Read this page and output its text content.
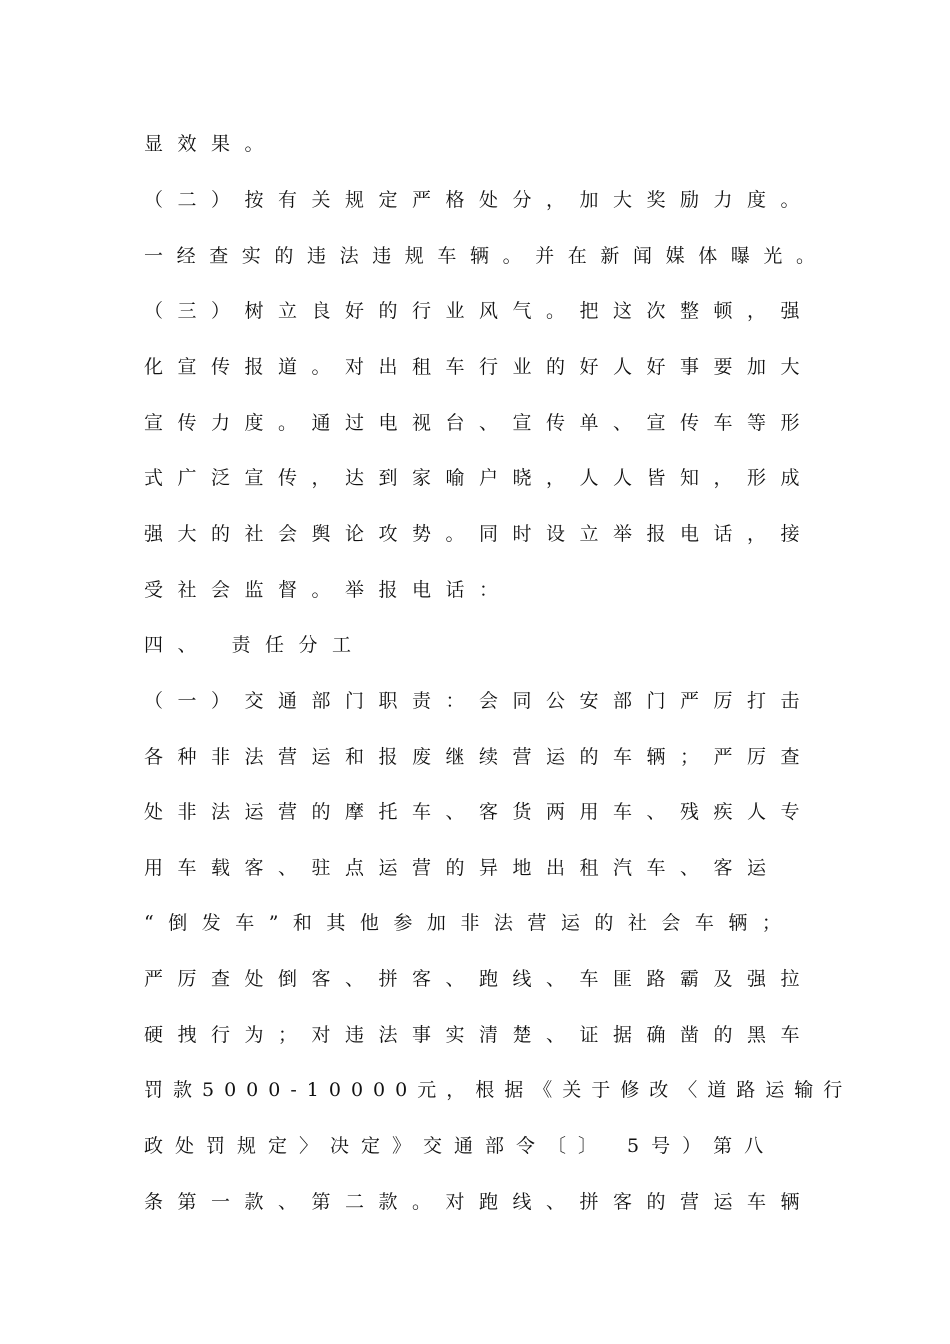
显效果。
（二）按有关规定严格处分，加大奖励力度。
一经查实的违法违规车辆。并在新闻媒体曝光。
（三）树立良好的行业风气。把这次整顿，强
化宣传报道。对出租车行业的好人好事要加大
宣传力度。通过电视台、宣传单、宣传车等形
式广泛宣传，达到家喻户晓，人人皆知，形成
强大的社会舆论攻势。同时设立举报电话，接
受社会监督。举报电话：
四、 责任分工
（一）交通部门职责：会同公安部门严厉打击
各种非法营运和报废继续营运的车辆；严厉查
处非法运营的摩托车、客货两用车、残疾人专
用车载客、驻点运营的异地出租汽车、客运
“倒发车”和其他参加非法营运的社会车辆；
严厉查处倒客、拼客、跑线、车匪路霸及强拉
硬拽行为；对违法事实清楚、证据确凿的黑车
罚款5000-10000元，根据《关于修改〈道路运输行
政处罚规定〉决定》交通部令〔〕 5号）第八
条第一款、第二款。对跑线、拼客的营运车辆
